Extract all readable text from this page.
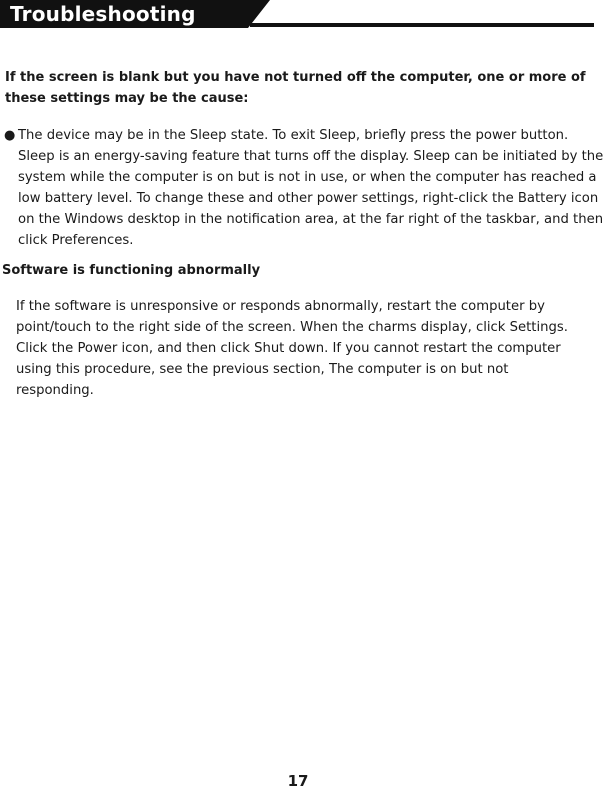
Troubleshooting
If the screen is blank but you have not turned off the computer, one or more of these settings may be the cause:
● The device may be in the Sleep state. To exit Sleep, briefly press the power button. Sleep is an energy-saving feature that turns off the display. Sleep can be initiated by the system while the computer is on but is not in use, or when the computer has reached a low battery level. To change these and other power settings, right-click the Battery icon on the Windows desktop in the notification area, at the far right of the taskbar, and then click Preferences.
Software is functioning abnormally
If the software is unresponsive or responds abnormally, restart the computer by point/touch to the right side of the screen. When the charms display, click Settings. Click the Power icon, and then click Shut down. If you cannot restart the computer using this procedure, see the previous section, The computer is on but not responding.
17
